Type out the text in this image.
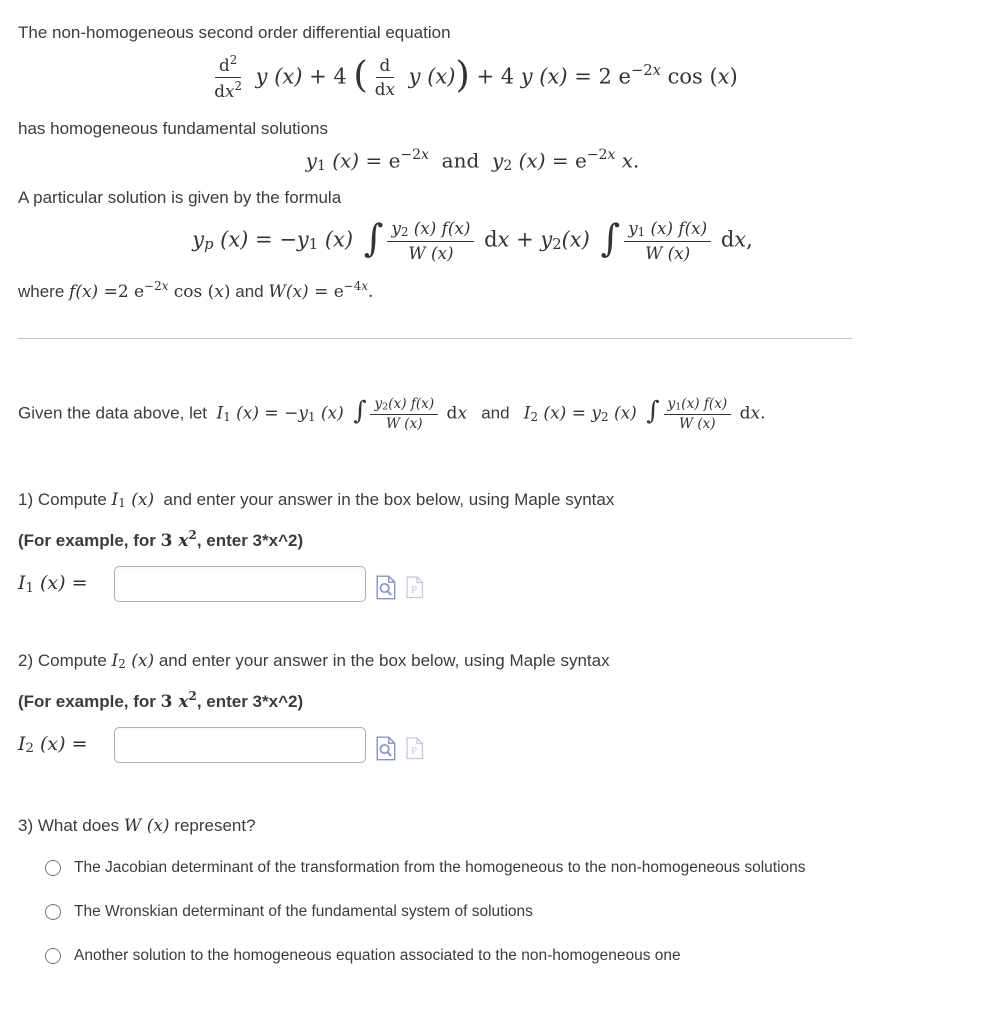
The non-homogeneous second order differential equation

$\frac{d^2}{dx^2}$ y (x) + 4 ( $\frac{d}{dx}$ y (x)) + 4 y (x) = 2 $e^{-2x}$ cos (x)

has homogeneous fundamental solutions

y1 $(x) = e^{-2x}$  and  y2 $(x) = e^{-2x}$ x.

A particular solution is given by the formula

yp (x) = −y1 (x) ∫ $\frac{y2 (x) f(x)}{W (x)}$ dx + y2(x) ∫ $\frac{y1 (x) f(x)}{W (x)}$ dx,

where f(x) =2 $e^{-2x}$ cos (x) and $W(x) = e^{-4x}$.

Given the data above, let  I1 (x) = −y1 (x) ∫ $\frac{y2(x) f(x)}{W (x)}$ dx   and   I2 (x) = y2 (x) ∫ $\frac{y1(x) f(x)}{W (x)}$ dx.

1) Compute I1 (x)  and enter your answer in the box below, using Maple syntax

(For example, for 3 $x^2$, enter 3*x^2)

I1 (x) =	P

2) Compute I2 (x) and enter your answer in the box below, using Maple syntax

(For example, for 3 $x^2$, enter 3*x^2)

I2 (x) =	P

3) What does W (x) represent?

The Jacobian determinant of the transformation from the homogeneous to the non-homogeneous solutions
The Wronskian determinant of the fundamental system of solutions
Another solution to the homogeneous equation associated to the non-homogeneous one
